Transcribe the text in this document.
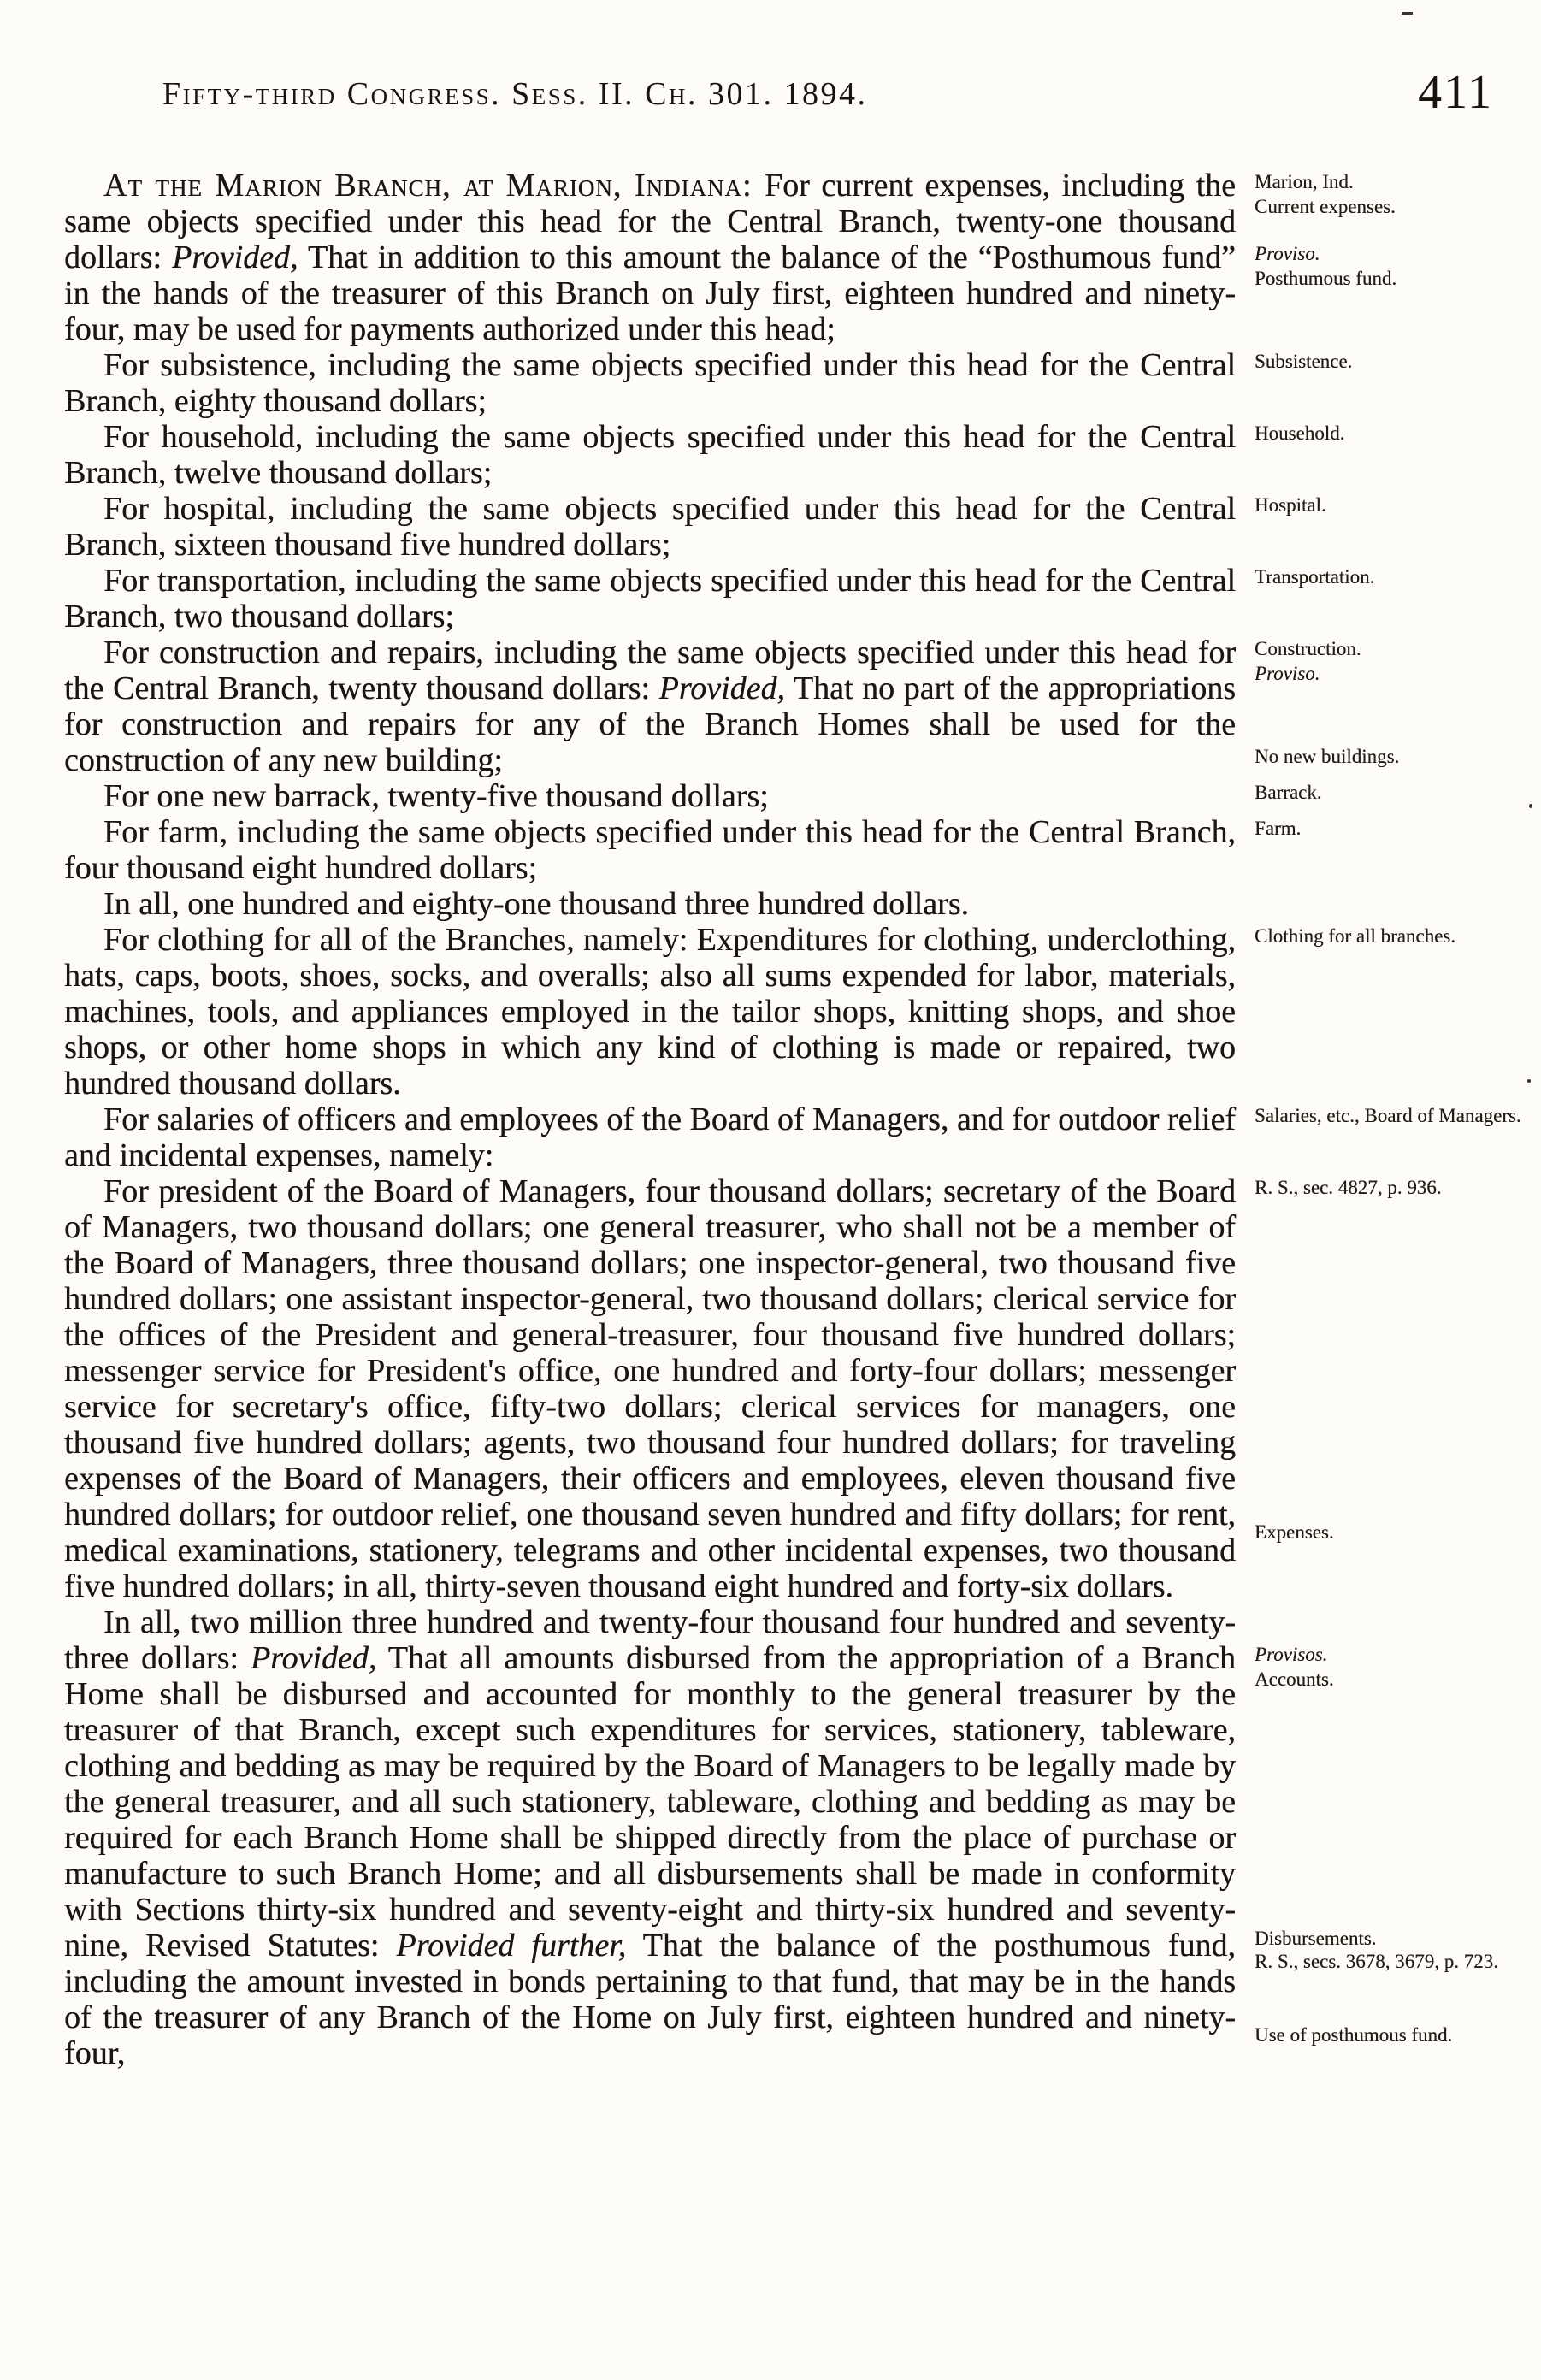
Fifty-third Congress. Sess. II. Ch. 301. 1894.	411

At the Marion Branch, at Marion, Indiana: For current expenses, including the same objects specified under this head for the Central Branch, twenty-one thousand dollars: Provided, That in addition to this amount the balance of the “Posthumous fund” in the hands of the treasurer of this Branch on July first, eighteen hundred and ninety-four, may be used for payments authorized under this head;

Marion, Ind.
Current expenses.
Proviso.
Posthumous fund.

For subsistence, including the same objects specified under this head for the Central Branch, eighty thousand dollars;

Subsistence.

For household, including the same objects specified under this head for the Central Branch, twelve thousand dollars;

Household.

For hospital, including the same objects specified under this head for the Central Branch, sixteen thousand five hundred dollars;

Hospital.

For transportation, including the same objects specified under this head for the Central Branch, two thousand dollars;

Transportation.

For construction and repairs, including the same objects specified under this head for the Central Branch, twenty thousand dollars: Provided, That no part of the appropriations for construction and repairs for any of the Branch Homes shall be used for the construction of any new building;

Construction.
Proviso.
No new buildings.

For one new barrack, twenty-five thousand dollars;	Barrack.

For farm, including the same objects specified under this head for the Central Branch, four thousand eight hundred dollars;

Farm.

In all, one hundred and eighty-one thousand three hundred dollars.

For clothing for all of the Branches, namely: Expenditures for clothing, underclothing, hats, caps, boots, shoes, socks, and overalls; also all sums expended for labor, materials, machines, tools, and appliances employed in the tailor shops, knitting shops, and shoe shops, or other home shops in which any kind of clothing is made or repaired, two hundred thousand dollars.

Clothing for all branches.

For salaries of officers and employees of the Board of Managers, and for outdoor relief and incidental expenses, namely:

Salaries, etc., Board of Managers.

For president of the Board of Managers, four thousand dollars; secretary of the Board of Managers, two thousand dollars; one general treasurer, who shall not be a member of the Board of Managers, three thousand dollars; one inspector-general, two thousand five hundred dollars; one assistant inspector-general, two thousand dollars; clerical service for the offices of the President and general-treasurer, four thousand five hundred dollars; messenger service for President's office, one hundred and forty-four dollars; messenger service for secretary's office, fifty-two dollars; clerical services for managers, one thousand five hundred dollars; agents, two thousand four hundred dollars; for traveling expenses of the Board of Managers, their officers and employees, eleven thousand five hundred dollars; for outdoor relief, one thousand seven hundred and fifty dollars; for rent, medical examinations, stationery, telegrams and other incidental expenses, two thousand five hundred dollars; in all, thirty-seven thousand eight hundred and forty-six dollars.

R. S., sec. 4827, p. 936.
Expenses.

In all, two million three hundred and twenty-four thousand four hundred and seventy-three dollars: Provided, That all amounts disbursed from the appropriation of a Branch Home shall be disbursed and accounted for monthly to the general treasurer by the treasurer of that Branch, except such expenditures for services, stationery, tableware, clothing and bedding as may be required by the Board of Managers to be legally made by the general treasurer, and all such stationery, tableware, clothing and bedding as may be required for each Branch Home shall be shipped directly from the place of purchase or manufacture to such Branch Home; and all disbursements shall be made in conformity with Sections thirty-six hundred and seventy-eight and thirty-six hundred and seventy-nine, Revised Statutes: Provided further, That the balance of the posthumous fund, including the amount invested in bonds pertaining to that fund, that may be in the hands of the treasurer of any Branch of the Home on July first, eighteen hundred and ninety-four,

Provisos.
Accounts.
Disbursements.
R. S., secs. 3678, 3679, p. 723.
Use of posthumous fund.
